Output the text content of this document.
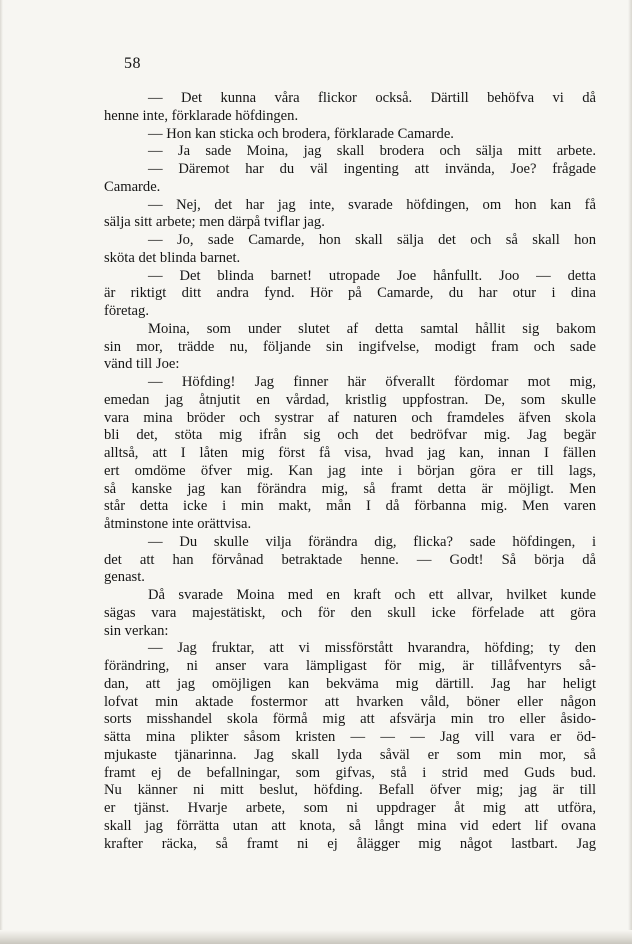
58
— Det kunna våra flickor också. Därtill behöfva vi då
henne inte, förklarade höfdingen.
— Hon kan sticka och brodera, förklarade Camarde.
— Ja sade Moina, jag skall brodera och sälja mitt arbete.
— Däremot har du väl ingenting att invända, Joe? frågade
Camarde.
— Nej, det har jag inte, svarade höfdingen, om hon kan få
sälja sitt arbete; men därpå tviflar jag.
— Jo, sade Camarde, hon skall sälja det och så skall hon
sköta det blinda barnet.
— Det blinda barnet! utropade Joe hånfullt. Joo — detta
är riktigt ditt andra fynd. Hör på Camarde, du har otur i dina
företag.
Moina, som under slutet af detta samtal hållit sig bakom
sin mor, trädde nu, följande sin ingifvelse, modigt fram och sade
vänd till Joe:
— Höfding! Jag finner här öfverallt fördomar mot mig,
emedan jag åtnjutit en vårdad, kristlig uppfostran. De, som skulle
vara mina bröder och systrar af naturen och framdeles äfven skola
bli det, stöta mig ifrån sig och det bedröfvar mig. Jag begär
alltså, att I låten mig först få visa, hvad jag kan, innan I fällen
ert omdöme öfver mig. Kan jag inte i början göra er till lags,
så kanske jag kan förändra mig, så framt detta är möjligt. Men
står detta icke i min makt, mån I då förbanna mig. Men varen
åtminstone inte orättvisa.
— Du skulle vilja förändra dig, flicka? sade höfdingen, i
det att han förvånad betraktade henne. — Godt! Så börja då
genast.
Då svarade Moina med en kraft och ett allvar, hvilket kunde
sägas vara majestätiskt, och för den skull icke förfelade att göra
sin verkan:
— Jag fruktar, att vi missförstått hvarandra, höfding; ty den
förändring, ni anser vara lämpligast för mig, är tillåfventyrs så-
dan, att jag omöjligen kan bekväma mig därtill. Jag har heligt
lofvat min aktade fostermor att hvarken våld, böner eller någon
sorts misshandel skola förmå mig att afsvärja min tro eller åsido-
sätta mina plikter såsom kristen — — — Jag vill vara er öd-
mjukaste tjänarinna. Jag skall lyda såväl er som min mor, så
framt ej de befallningar, som gifvas, stå i strid med Guds bud.
Nu känner ni mitt beslut, höfding. Befall öfver mig; jag är till
er tjänst. Hvarje arbete, som ni uppdrager åt mig att utföra,
skall jag förrätta utan att knota, så långt mina vid edert lif ovana
krafter räcka, så framt ni ej ålägger mig något lastbart. Jag
